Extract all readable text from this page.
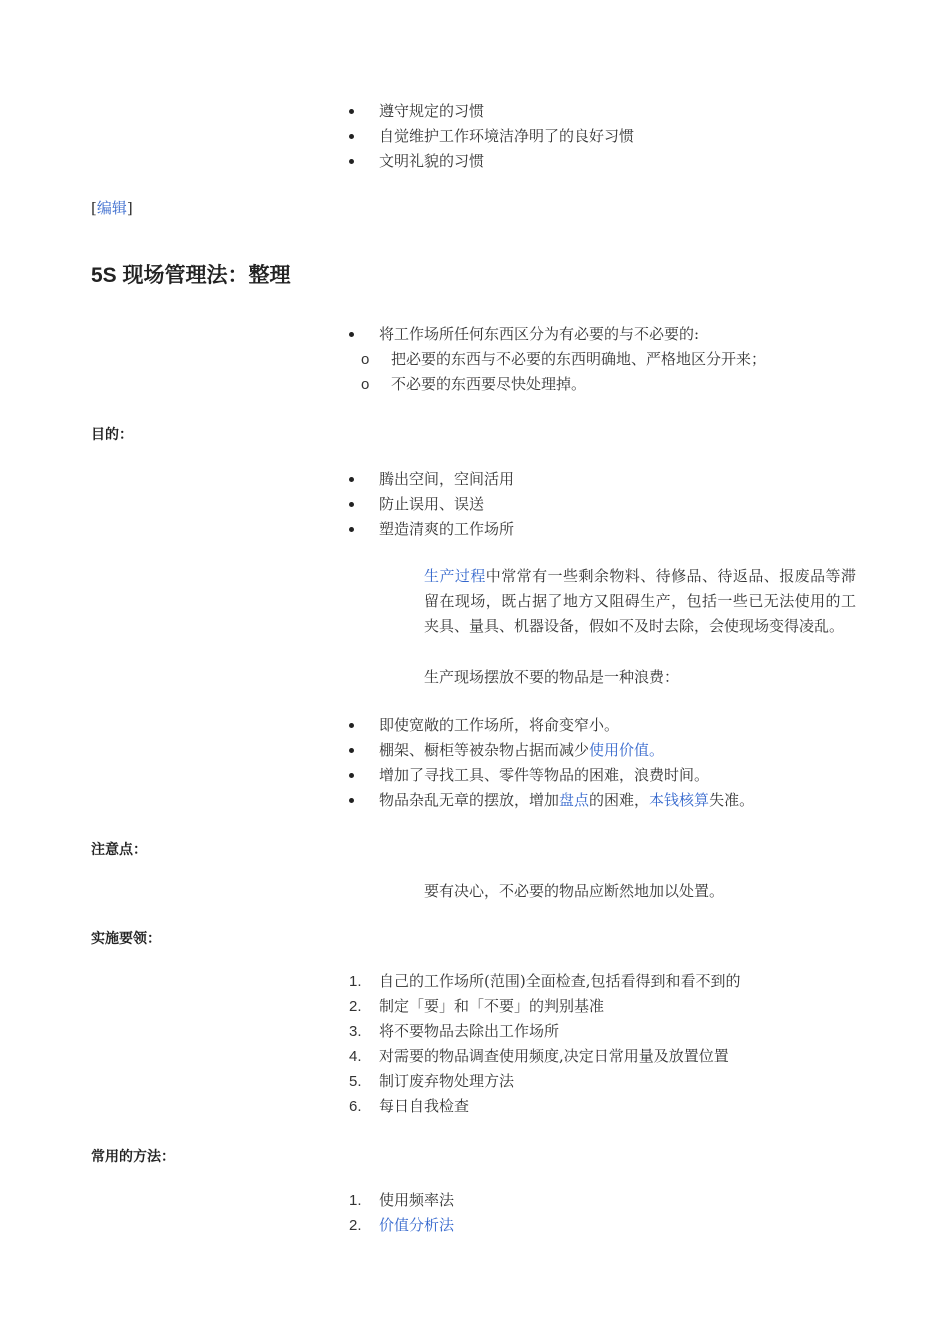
遵守规定的习惯
自觉维护工作环境洁净明了的良好习惯
文明礼貌的习惯
[编辑]
5S 现场管理法：整理
将工作场所任何东西区分为有必要的与不必要的:
o 把必要的东西与不必要的东西明确地、严格地区分开来；
o 不必要的东西要尽快处理掉。
目的：
腾出空间，空间活用
防止误用、误送
塑造清爽的工作场所
生产过程中常常有一些剩余物料、待修品、待返品、报废品等滞留在现场，既占据了地方又阻碍生产，包括一些已无法使用的工夹具、量具、机器设备，假如不及时去除，会使现场变得凌乱。
生产现场摆放不要的物品是一种浪费：
即使宽敞的工作场所，将俞变窄小。
棚架、橱柜等被杂物占据而减少使用价值。
增加了寻找工具、零件等物品的困难，浪费时间。
物品杂乱无章的摆放，增加盘点的困难，本钱核算失准。
注意点：
要有决心，不必要的物品应断然地加以处置。
实施要领：
1. 自己的工作场所(范围)全面检查,包括看得到和看不到的
2. 制定「要」和「不要」的判别基准
3. 将不要物品去除出工作场所
4. 对需要的物品调查使用频度,决定日常用量及放置位置
5. 制订废弃物处理方法
6. 每日自我检查
常用的方法：
1. 使用频率法
2. 价值分析法
